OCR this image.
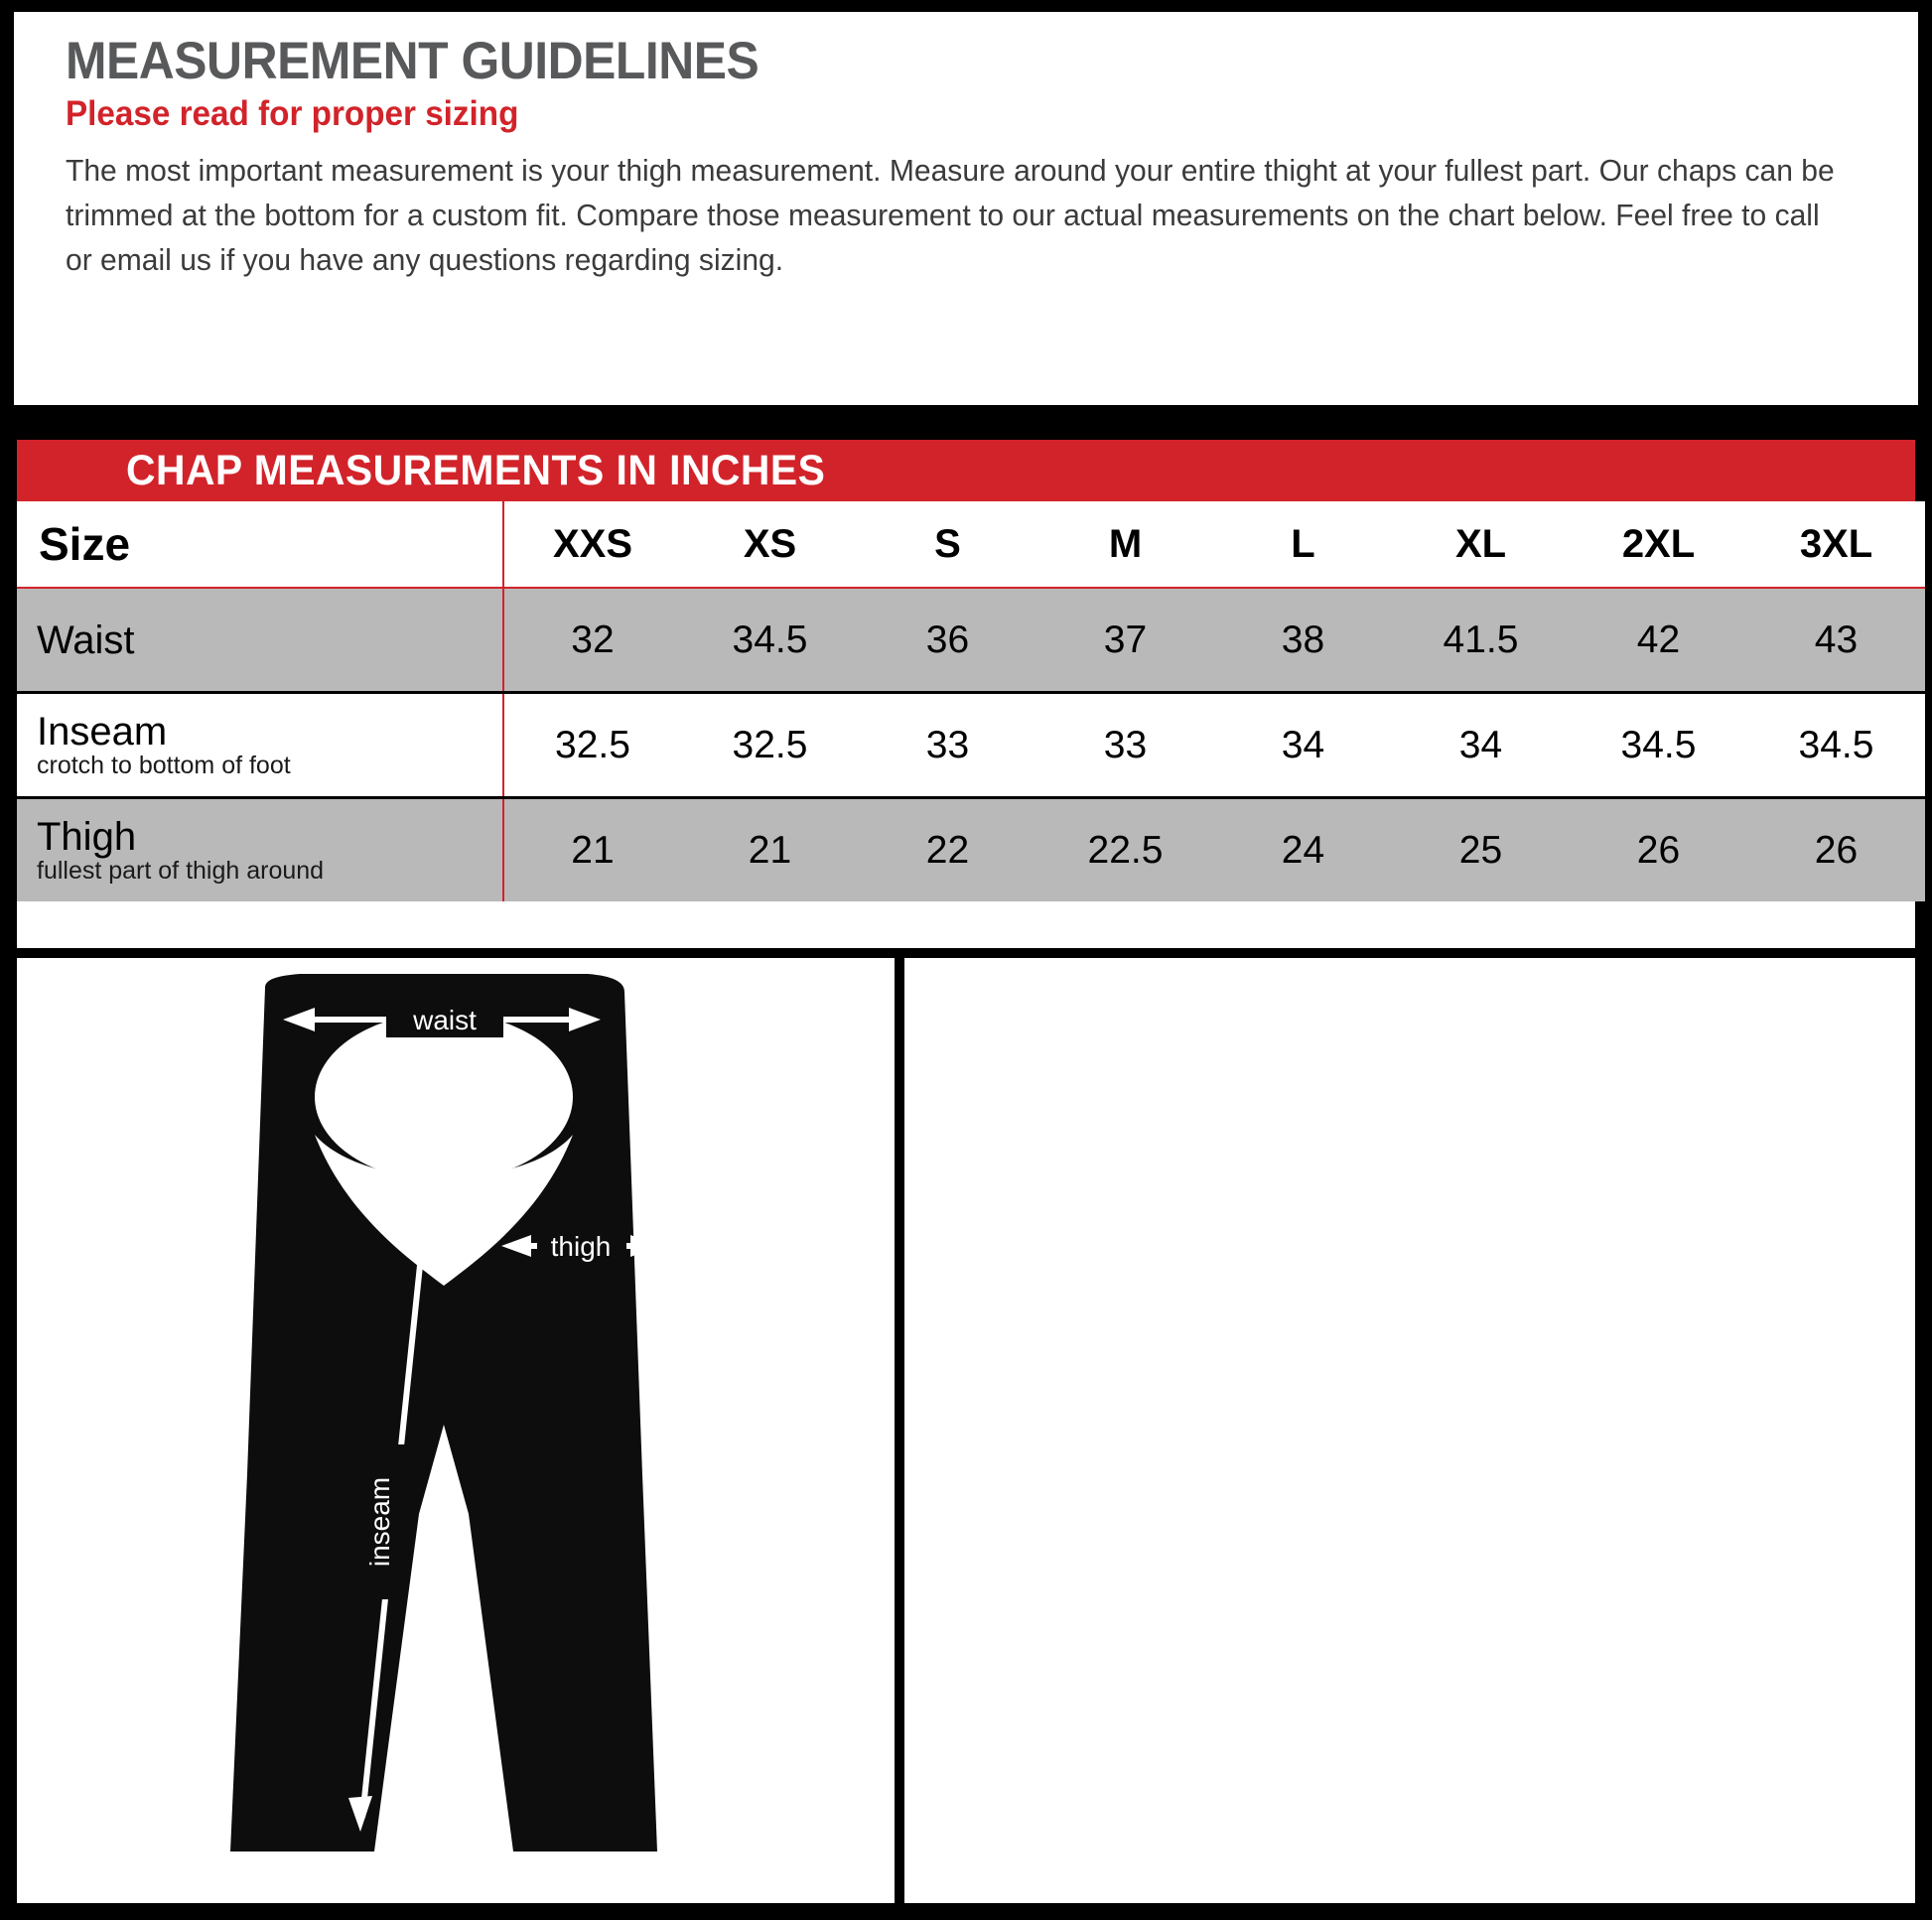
MEASUREMENT GUIDELINES
Please read for proper sizing
The most important measurement is your thigh measurement. Measure around your entire thight at your fullest part. Our chaps can be trimmed at the bottom for a custom fit. Compare those measurement to our actual measurements on the chart below. Feel free to call or email us if you have any questions regarding sizing.
CHAP MEASUREMENTS IN INCHES
Size	XXS	XS	S	M	L	XL	2XL	3XL

Waist	32	34.5	36	37	38	41.5	42	43

Inseam
crotch to bottom of foot	32.5	32.5	33	33	34	34	34.5	34.5

Thigh
fullest part of thigh around	21	21	22	22.5	24	25	26	26
waist
thigh
inseam
